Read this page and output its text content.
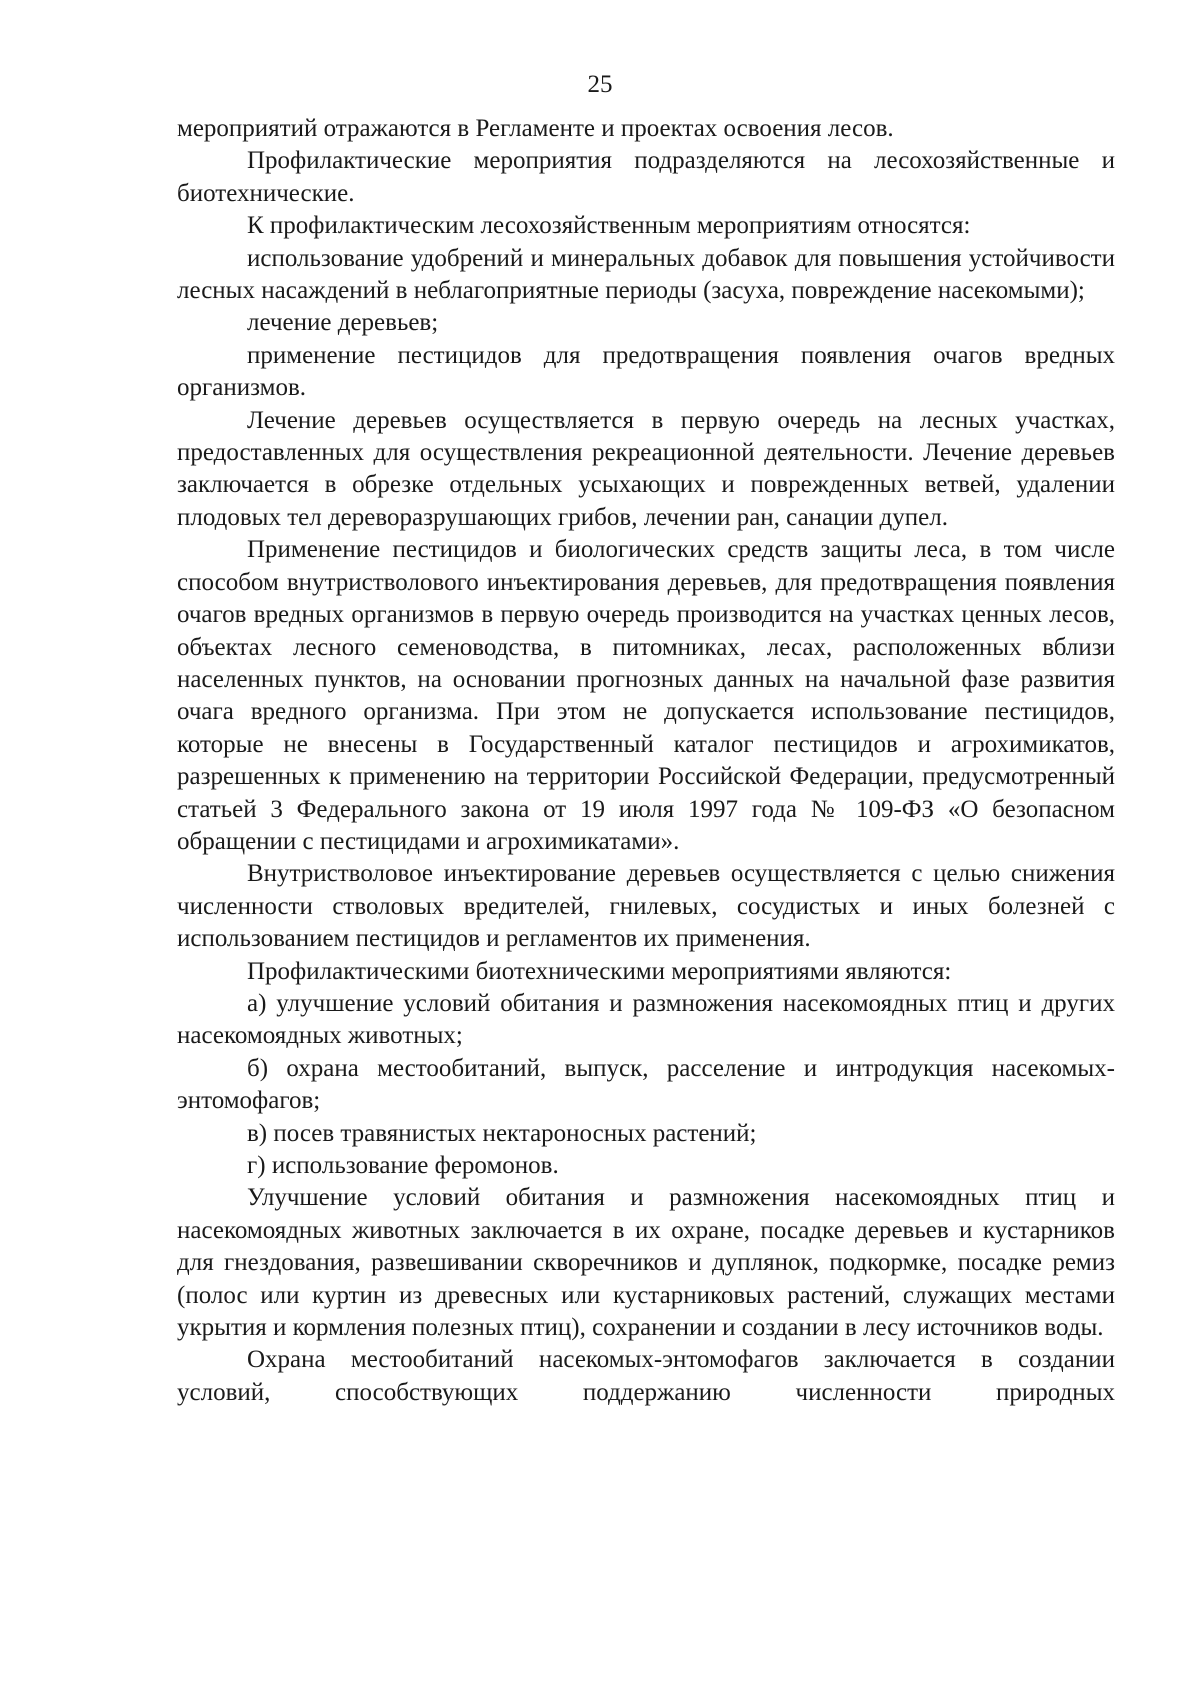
25

мероприятий отражаются в Регламенте и проектах освоения лесов.

Профилактические мероприятия подразделяются на лесохозяйственные и биотехнические.

К профилактическим лесохозяйственным мероприятиям относятся:

использование удобрений и минеральных добавок для повышения устойчивости лесных насаждений в неблагоприятные периоды (засуха, повреждение насекомыми);

лечение деревьев;

применение пестицидов для предотвращения появления очагов вредных организмов.

Лечение деревьев осуществляется в первую очередь на лесных участках, предоставленных для осуществления рекреационной деятельности. Лечение деревьев заключается в обрезке отдельных усыхающих и поврежденных ветвей, удалении плодовых тел дереворазрушающих грибов, лечении ран, санации дупел.

Применение пестицидов и биологических средств защиты леса, в том числе способом внутриствол‌ового инъектирования деревьев, для предотвращения появления очагов вредных организмов в первую очередь производится на участках ценных лесов, объектах лесного семеноводства, в питомниках, лесах, расположенных вблизи населенных пунктов, на основании прогнозных данных на начальной фазе развития очага вредного организма. При этом не допускается использование пестицидов, которые не внесены в Государственный каталог пестицидов и агрохимикатов, разрешенных к применению на территории Российской Федерации, предусмотренный статьей 3 Федерального закона от 19 июля 1997 года № 109-ФЗ «О безопасном обращении с пестицидами и агрохимикатами».

Внутристволовое инъектирование деревьев осуществляется с целью снижения численности стволовых вредителей, гнилевых, сосудистых и иных болезней с использованием пестицидов и регламентов их применения.

Профилактическими биотехническими мероприятиями являются:

а) улучшение условий обитания и размножения насекомоядных птиц и других насекомоядных животных;

б) охрана местообитаний, выпуск, расселение и интродукция насекомых-энтомофагов;

в) посев травянистых нектароносных растений;

г) использование феромонов.

Улучшение условий обитания и размножения насекомоядных птиц и насекомоядных животных заключается в их охране, посадке деревьев и кустарников для гнездования, развешивании скворечников и дуплянок, подкормке, посадке ремиз (полос или куртин из древесных или кустарниковых растений, служащих местами укрытия и кормления полезных птиц), сохранении и создании в лесу источников воды.

Охрана местообитаний насекомых-энтомофагов заключается в создании условий, способствующих поддержанию численности природных
